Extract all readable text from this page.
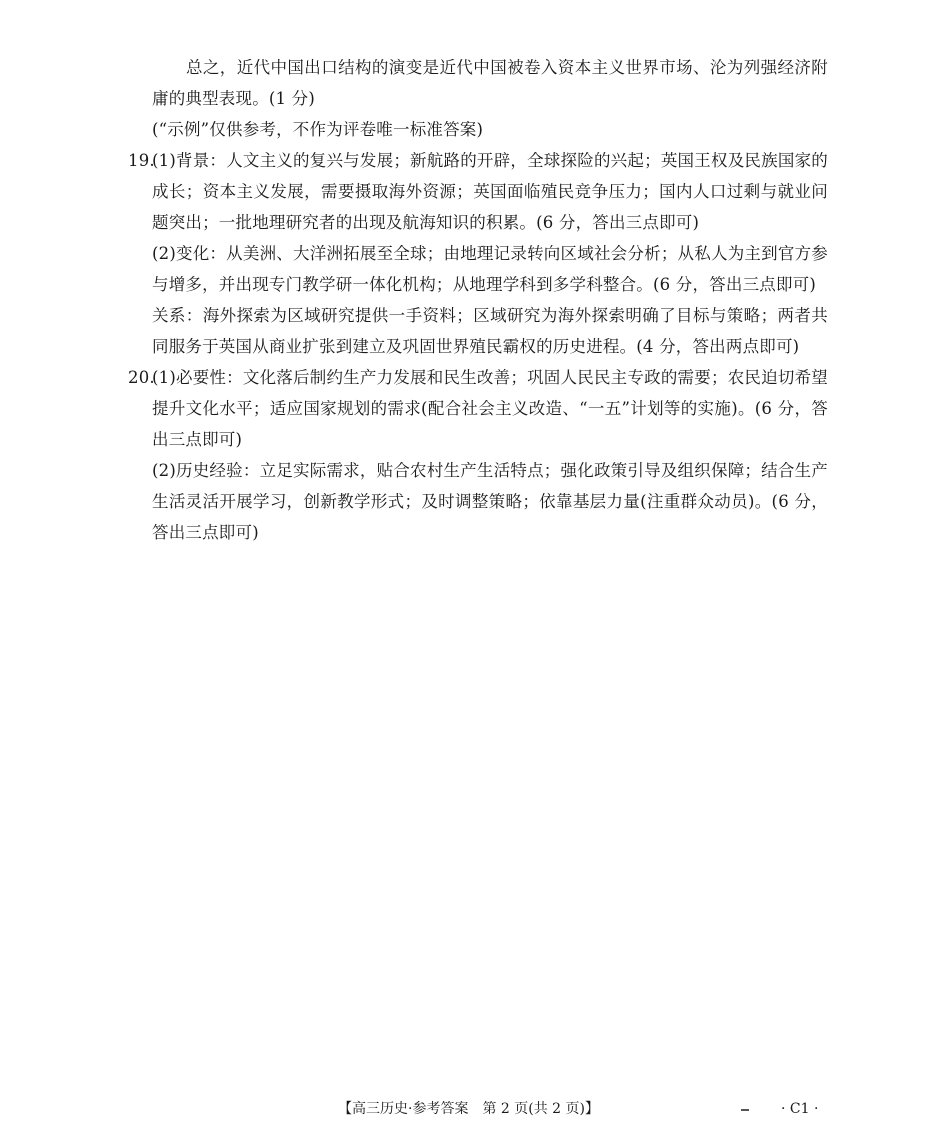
总之，近代中国出口结构的演变是近代中国被卷入资本主义世界市场、沦为列强经济附庸的典型表现。(1 分)

(“示例”仅供参考，不作为评卷唯一标准答案)

19.
(1)背景：人文主义的复兴与发展；新航路的开辟，全球探险的兴起；英国王权及民族国家的成长；资本主义发展，需要摄取海外资源；英国面临殖民竞争压力；国内人口过剩与就业问题突出；一批地理研究者的出现及航海知识的积累。(6 分，答出三点即可)

(2)变化：从美洲、大洋洲拓展至全球；由地理记录转向区域社会分析；从私人为主到官方参与增多，并出现专门教学研一体化机构；从地理学科到多学科整合。(6 分，答出三点即可)

关系：海外探索为区域研究提供一手资料；区域研究为海外探索明确了目标与策略；两者共同服务于英国从商业扩张到建立及巩固世界殖民霸权的历史进程。(4 分，答出两点即可)

20.
(1)必要性：文化落后制约生产力发展和民生改善；巩固人民民主专政的需要；农民迫切希望提升文化水平；适应国家规划的需求(配合社会主义改造、“一五”计划等的实施)。(6 分，答出三点即可)

(2)历史经验：立足实际需求，贴合农村生产生活特点；强化政策引导及组织保障；结合生产生活灵活开展学习，创新教学形式；及时调整策略；依靠基层力量(注重群众动员)。(6 分，答出三点即可)

【高三历史·参考答案　第 2 页(共 2 页)】	· C1 ·
